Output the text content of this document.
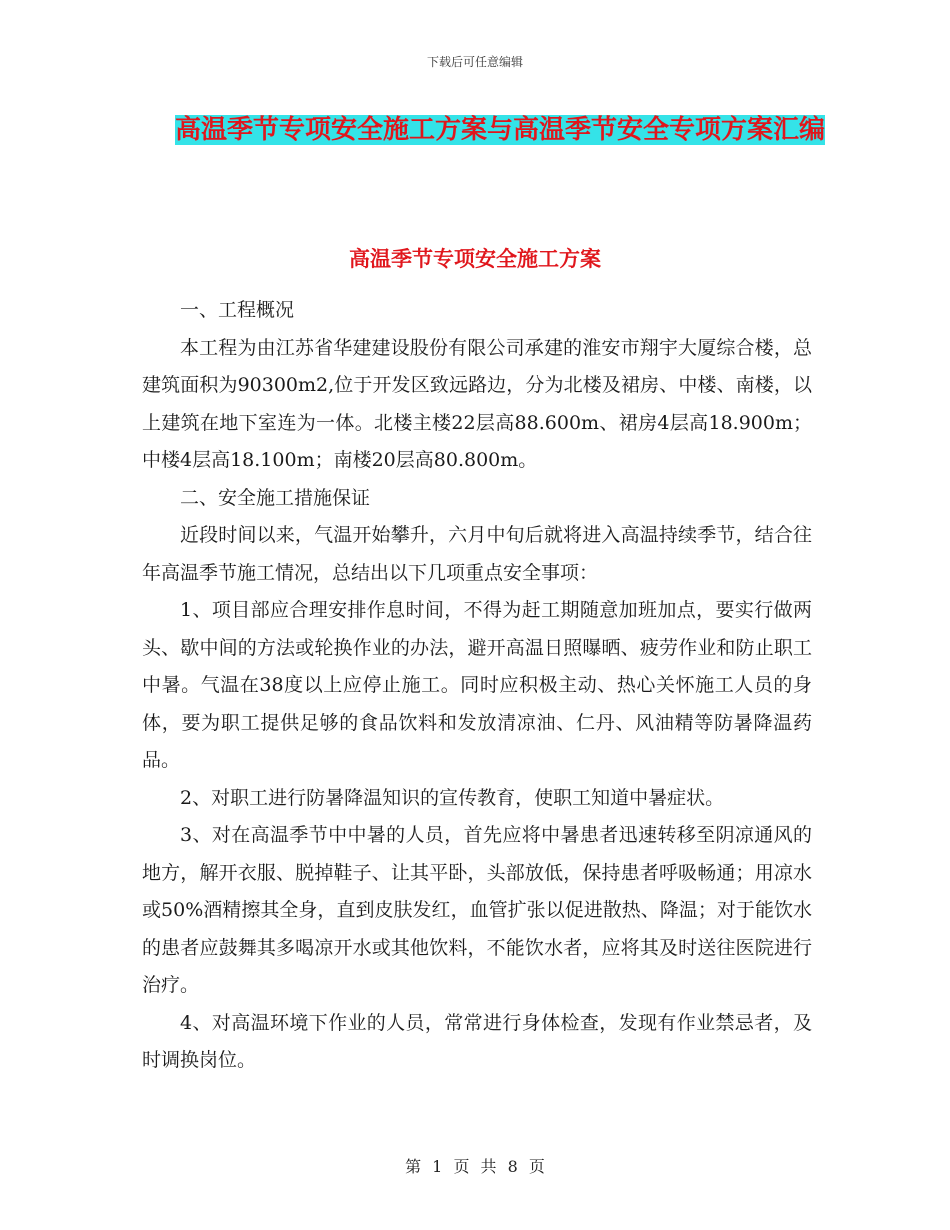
下载后可任意编辑
高温季节专项安全施工方案与高温季节安全专项方案汇编
高温季节专项安全施工方案

一、工程概况

本工程为由江苏省华建建设股份有限公司承建的淮安市翔宇大厦综合楼，总建筑面积为90300m2,位于开发区致远路边，分为北楼及裙房、中楼、南楼，以上建筑在地下室连为一体。北楼主楼22层高88.600m、裙房4层高18.900m；中楼4层高18.100m；南楼20层高80.800m。

二、安全施工措施保证

近段时间以来，气温开始攀升，六月中旬后就将进入高温持续季节，结合往年高温季节施工情况，总结出以下几项重点安全事项：

1、项目部应合理安排作息时间，不得为赶工期随意加班加点，要实行做两头、歇中间的方法或轮换作业的办法，避开高温日照曝晒、疲劳作业和防止职工中暑。气温在38度以上应停止施工。同时应积极主动、热心关怀施工人员的身体，要为职工提供足够的食品饮料和发放清凉油、仁丹、风油精等防暑降温药品。

2、对职工进行防暑降温知识的宣传教育，使职工知道中暑症状。

3、对在高温季节中中暑的人员，首先应将中暑患者迅速转移至阴凉通风的地方，解开衣服、脱掉鞋子、让其平卧，头部放低，保持患者呼吸畅通；用凉水或50%酒精擦其全身，直到皮肤发红，血管扩张以促进散热、降温；对于能饮水的患者应鼓舞其多喝凉开水或其他饮料，不能饮水者，应将其及时送往医院进行治疗。

4、对高温环境下作业的人员，常常进行身体检查，发现有作业禁忌者，及时调换岗位。

第 1 页 共 8 页
